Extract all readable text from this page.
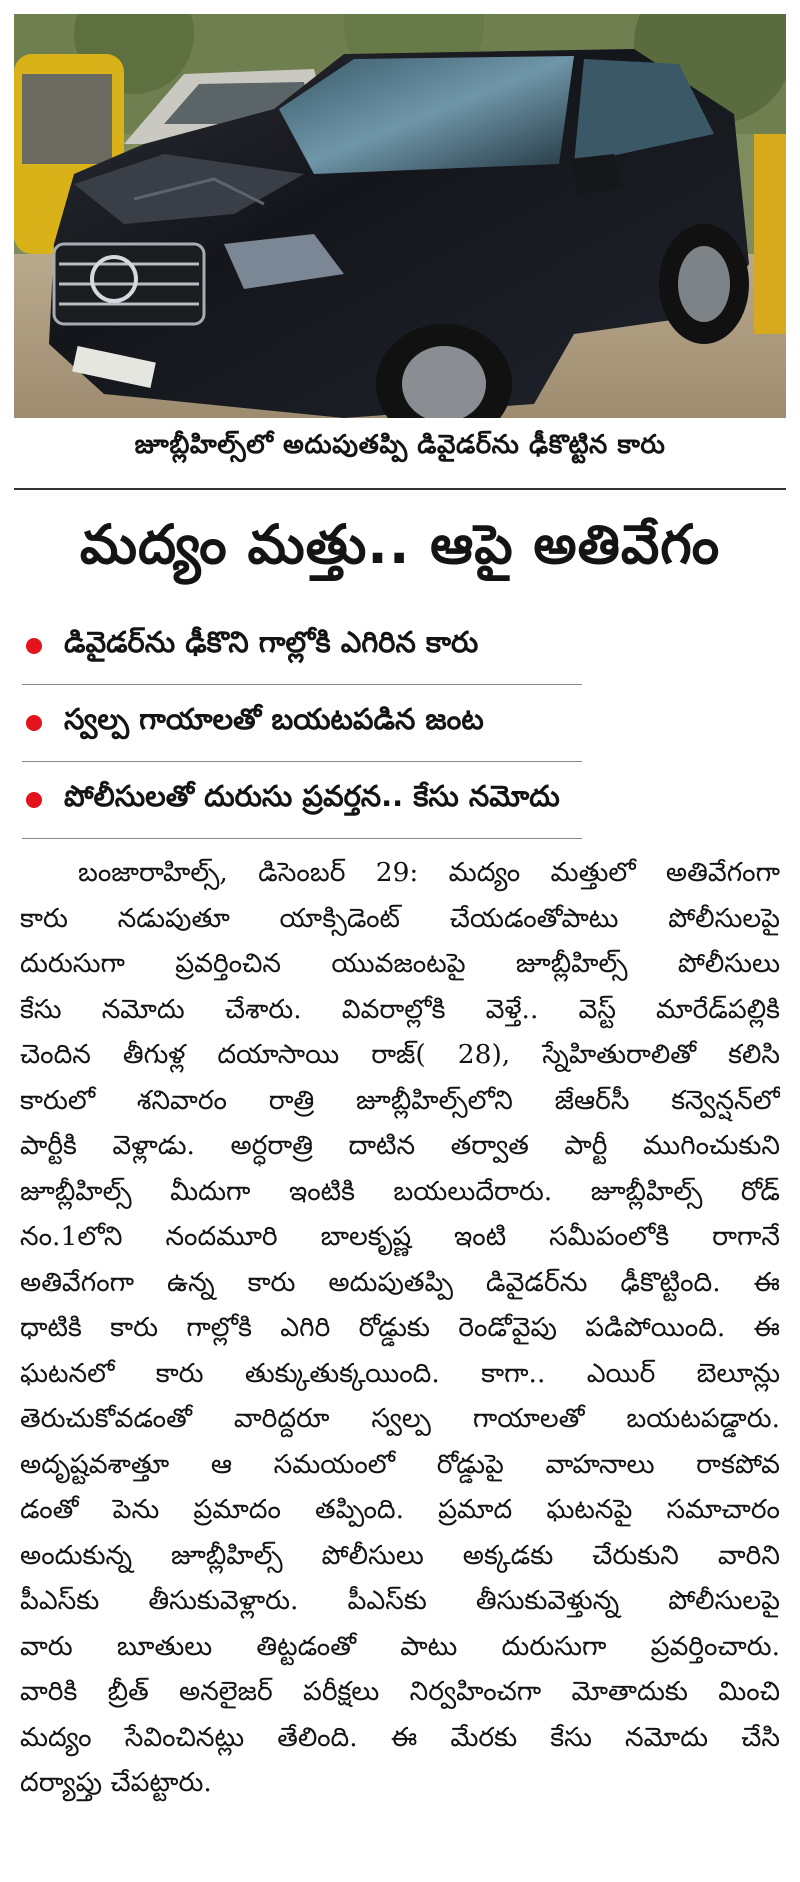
జూబ్లీహిల్స్‌లో అదుపుతప్పి డివైడర్‌ను ఢీకొట్టిన కారు
మద్యం మత్తు.. ఆపై అతివేగం
డివైడర్‌ను ఢీకొని గాల్లోకి ఎగిరిన కారు
స్వల్ప గాయాలతో బయటపడిన జంట
పోలీసులతో దురుసు ప్రవర్తన.. కేసు నమోదు
బంజారాహిల్స్, డిసెంబర్ 29: మద్యం మత్తులో అతివేగంగా
కారు నడుపుతూ యాక్సిడెంట్ చేయడంతోపాటు పోలీసులపై
దురుసుగా ప్రవర్తించిన యువజంటపై జూబ్లీహిల్స్ పోలీసులు
కేసు నమోదు చేశారు. వివరాల్లోకి వెళ్తే.. వెస్ట్ మారేడ్‌పల్లికి
చెందిన తీగుళ్ల దయాసాయి రాజ్( 28), స్నేహితురాలితో కలిసి
కారులో శనివారం రాత్రి జూబ్లీహిల్స్‌లోని జేఆర్‌సీ కన్వెన్షన్‌లో
పార్టీకి వెళ్లాడు. అర్ధరాత్రి దాటిన తర్వాత పార్టీ ముగించుకుని
జూబ్లీహిల్స్ మీదుగా ఇంటికి బయలుదేరారు. జూబ్లీహిల్స్ రోడ్
నం.1లోని నందమూరి బాలకృష్ణ ఇంటి సమీపంలోకి రాగానే
అతివేగంగా ఉన్న కారు అదుపుతప్పి డివైడర్‌ను ఢీకొట్టింది. ఈ
ధాటికి కారు గాల్లోకి ఎగిరి రోడ్డుకు రెండోవైపు పడిపోయింది. ఈ
ఘటనలో కారు తుక్కుతుక్కయింది. కాగా.. ఎయిర్ బెలూన్లు
తెరుచుకోవడంతో వారిద్దరూ స్వల్ప గాయాలతో బయటపడ్డారు.
అదృష్టవశాత్తూ ఆ సమయంలో రోడ్డుపై వాహనాలు రాకపోవ
డంతో పెను ప్రమాదం తప్పింది. ప్రమాద ఘటనపై సమాచారం
అందుకున్న జూబ్లీహిల్స్ పోలీసులు అక్కడకు చేరుకుని వారిని
పీఎస్‌కు తీసుకువెళ్లారు. పీఎస్‌కు తీసుకువెళ్తున్న పోలీసులపై
వారు బూతులు తిట్టడంతో పాటు దురుసుగా ప్రవర్తించారు.
వారికి బ్రీత్ అనలైజర్ పరీక్షలు నిర్వహించగా మోతాదుకు మించి
మద్యం సేవించినట్లు తేలింది. ఈ మేరకు కేసు నమోదు చేసి
దర్యాప్తు చేపట్టారు.
